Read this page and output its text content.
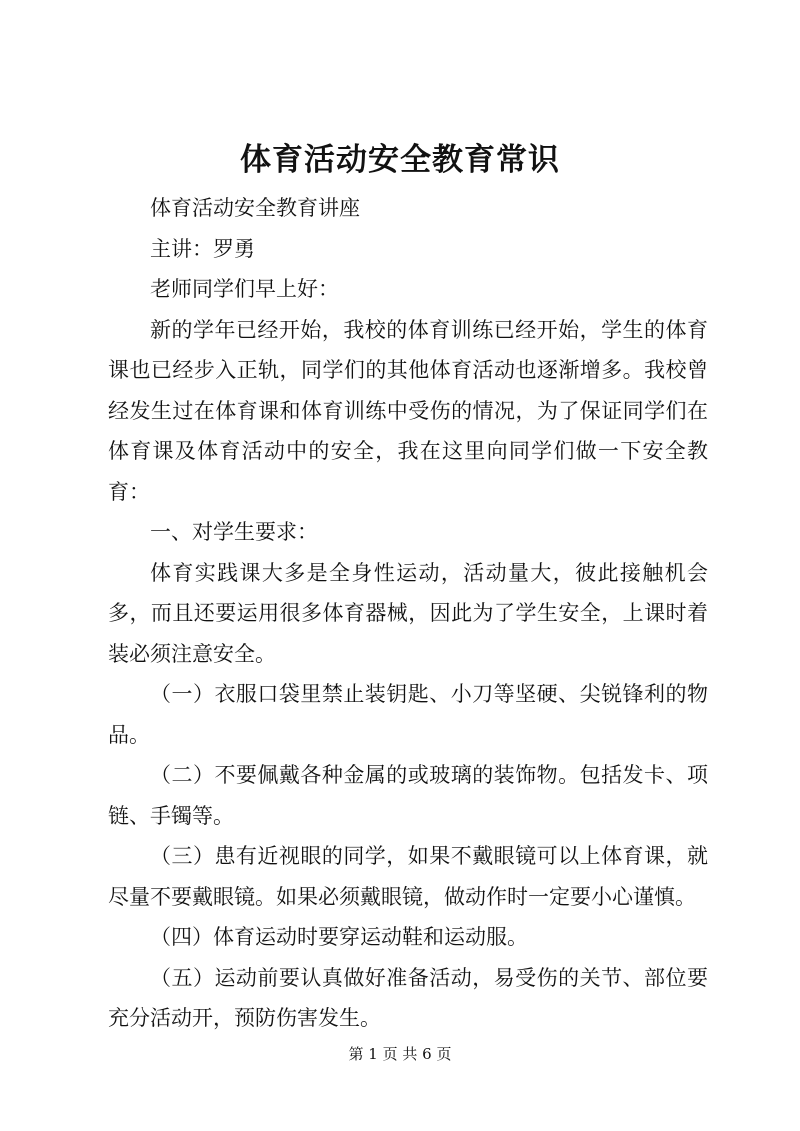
体育活动安全教育常识

体育活动安全教育讲座

主讲：罗勇

老师同学们早上好：

新的学年已经开始，我校的体育训练已经开始，学生的体育课也已经步入正轨，同学们的其他体育活动也逐渐增多。我校曾经发生过在体育课和体育训练中受伤的情况，为了保证同学们在体育课及体育活动中的安全，我在这里向同学们做一下安全教育：

一、对学生要求：

体育实践课大多是全身性运动，活动量大，彼此接触机会多，而且还要运用很多体育器械，因此为了学生安全，上课时着装必须注意安全。

（一）衣服口袋里禁止装钥匙、小刀等坚硬、尖锐锋利的物品。

（二）不要佩戴各种金属的或玻璃的装饰物。包括发卡、项链、手镯等。

（三）患有近视眼的同学，如果不戴眼镜可以上体育课，就尽量不要戴眼镜。如果必须戴眼镜，做动作时一定要小心谨慎。

（四）体育运动时要穿运动鞋和运动服。

（五）运动前要认真做好准备活动，易受伤的关节、部位要充分活动开，预防伤害发生。

第 1 页 共 6 页
